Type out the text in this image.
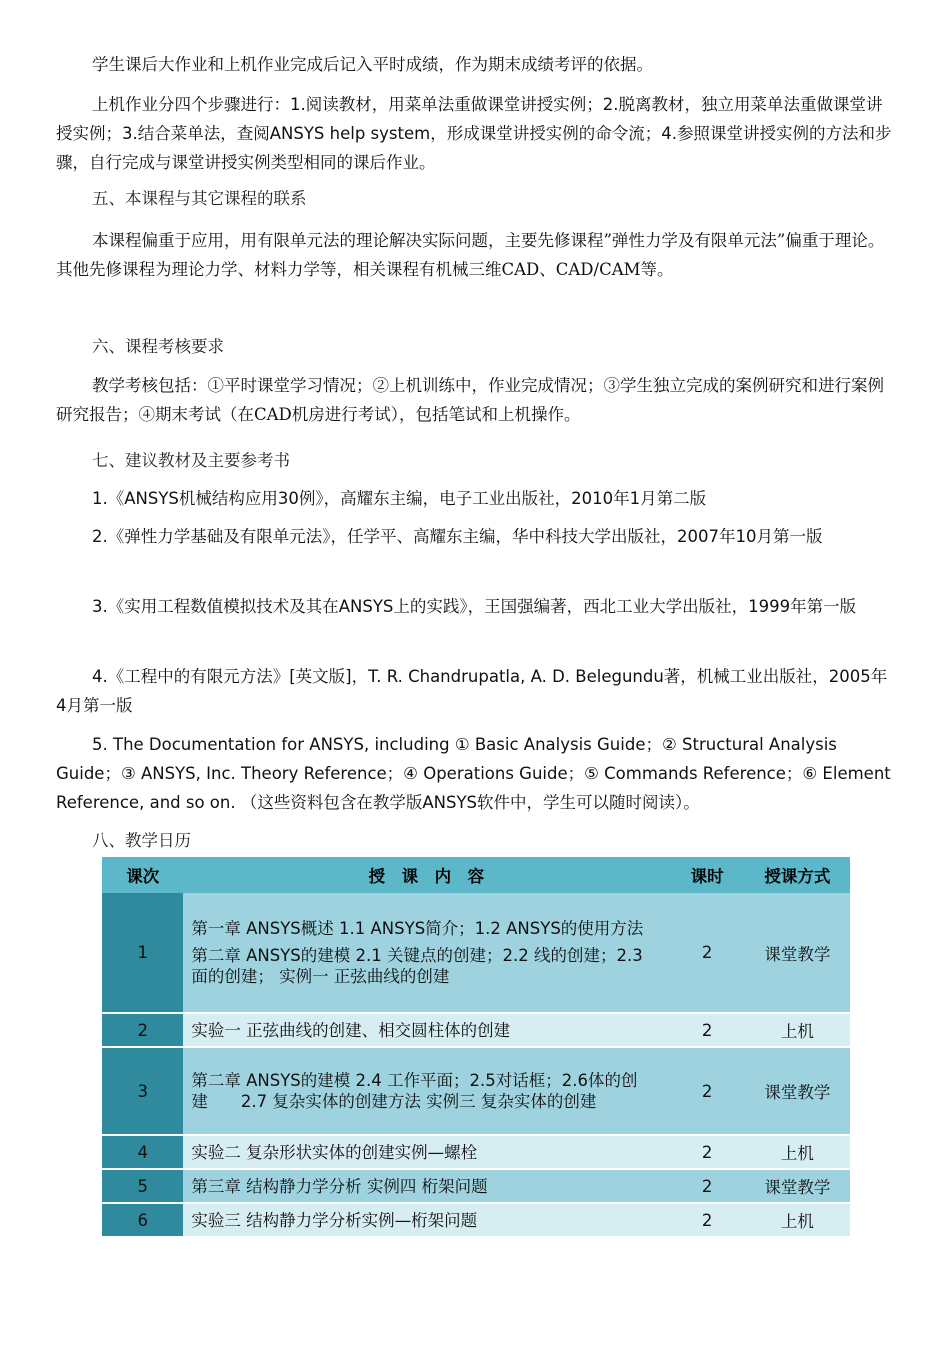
学生课后大作业和上机作业完成后记入平时成绩，作为期末成绩考评的依据。

上机作业分四个步骤进行：1.阅读教材，用菜单法重做课堂讲授实例；2.脱离教材，独立用菜单法重做课堂讲授实例；3.结合菜单法，查阅ANSYS help system，形成课堂讲授实例的命令流；4.参照课堂讲授实例的方法和步骤，自行完成与课堂讲授实例类型相同的课后作业。

五、本课程与其它课程的联系

本课程偏重于应用，用有限单元法的理论解决实际问题，主要先修课程”弹性力学及有限单元法”偏重于理论。其他先修课程为理论力学、材料力学等，相关课程有机械三维CAD、CAD/CAM等。

六、课程考核要求

教学考核包括：①平时课堂学习情况；②上机训练中，作业完成情况；③学生独立完成的案例研究和进行案例研究报告；④期末考试（在CAD机房进行考试），包括笔试和上机操作。

七、建议教材及主要参考书

1.《ANSYS机械结构应用30例》，高耀东主编，电子工业出版社，2010年1月第二版

2.《弹性力学基础及有限单元法》，任学平、高耀东主编，华中科技大学出版社，2007年10月第一版

3.《实用工程数值模拟技术及其在ANSYS上的实践》，王国强编著，西北工业大学出版社，1999年第一版

4.《工程中的有限元方法》[英文版]，T. R. Chandrupatla, A. D. Belegundu著，机械工业出版社，2005年4月第一版

5. The Documentation for ANSYS, including ① Basic Analysis Guide；② Structural Analysis Guide；③ ANSYS, Inc. Theory Reference；④ Operations Guide；⑤ Commands Reference；⑥ Element Reference, and so on. （这些资料包含在教学版ANSYS软件中，学生可以随时阅读）。

八、教学日历

课次	授　课　内　容	课时	授课方式
1	第一章 ANSYS概述 1.1 ANSYS简介；1.2 ANSYS的使用方法
第二章 ANSYS的建模 2.1 关键点的创建；2.2 线的创建；2.3 面的创建； 实例一 正弦曲线的创建	2	课堂教学
2	实验一 正弦曲线的创建、相交圆柱体的创建	2	上机
3	第二章 ANSYS的建模 2.4 工作平面；2.5对话框；2.6体的创建　　2.7 复杂实体的创建方法 实例三 复杂实体的创建	2	课堂教学
4	实验二 复杂形状实体的创建实例—螺栓	2	上机
5	第三章 结构静力学分析 实例四 桁架问题	2	课堂教学
6	实验三 结构静力学分析实例—桁架问题	2	上机
